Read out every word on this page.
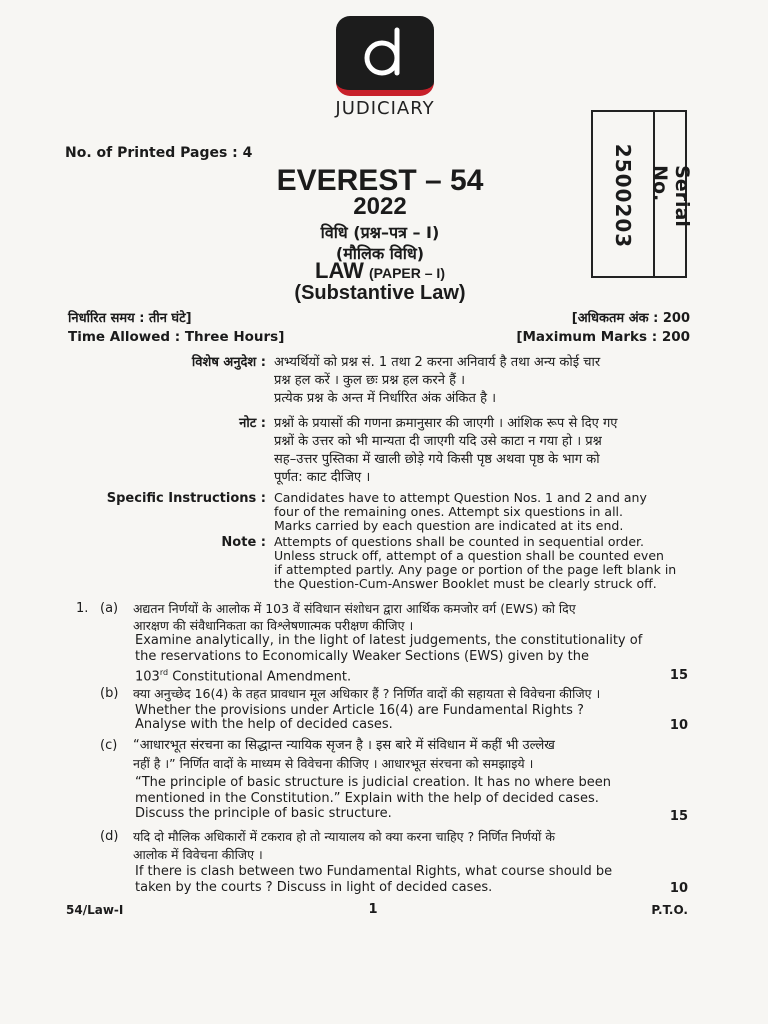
JUDICIARY
Serial No.
2500203
No. of Printed Pages : 4
EVEREST – 54
2022
विधि (प्रश्न–पत्र – I)
(मौलिक विधि)
LAW (PAPER – I)
(Substantive Law)
निर्धारित समय : तीन घंटे]
Time Allowed : Three Hours]
[अधिकतम अंक : 200
[Maximum Marks : 200
विशेष अनुदेश : अभ्यर्थियों को प्रश्न सं. 1 तथा 2 करना अनिवार्य है तथा अन्य कोई चार
प्रश्न हल करें । कुल छः प्रश्न हल करने हैं ।
प्रत्येक प्रश्न के अन्त में निर्धारित अंक अंकित है ।
नोट : प्रश्नों के प्रयासों की गणना क्रमानुसार की जाएगी । आंशिक रूप से दिए गए
प्रश्नों के उत्तर को भी मान्यता दी जाएगी यदि उसे काटा न गया हो । प्रश्न
सह–उत्तर पुस्तिका में खाली छोड़े गये किसी पृष्ठ अथवा पृष्ठ के भाग को
पूर्णत: काट दीजिए ।
Specific Instructions : Candidates have to attempt Question Nos. 1 and 2 and any
four of the remaining ones. Attempt six questions in all.
Marks carried by each question are indicated at its end.
Note : Attempts of questions shall be counted in sequential order.
Unless struck off, attempt of a question shall be counted even
if attempted partly. Any page or portion of the page left blank in
the Question-Cum-Answer Booklet must be clearly struck off.
1. (a) अद्यतन निर्णयों के आलोक में 103 वें संविधान संशोधन द्वारा आर्थिक कमजोर वर्ग (EWS) को दिए
आरक्षण की संवैधानिकता का विश्लेषणात्मक परीक्षण कीजिए ।
Examine analytically, in the light of latest judgements, the constitutionality of
the reservations to Economically Weaker Sections (EWS) given by the
103rd Constitutional Amendment.	15
(b) क्या अनुच्छेद 16(4) के तहत प्रावधान मूल अधिकार हैं ? निर्णित वादों की सहायता से विवेचना कीजिए ।
Whether the provisions under Article 16(4) are Fundamental Rights ?
Analyse with the help of decided cases.	10
(c) “आधारभूत संरचना का सिद्धान्त न्यायिक सृजन है । इस बारे में संविधान में कहीं भी उल्लेख
नहीं है ।” निर्णित वादों के माध्यम से विवेचना कीजिए । आधारभूत संरचना को समझाइये ।
“The principle of basic structure is judicial creation. It has no where been
mentioned in the Constitution.” Explain with the help of decided cases.
Discuss the principle of basic structure.	15
(d) यदि दो मौलिक अधिकारों में टकराव हो तो न्यायालय को क्या करना चाहिए ? निर्णित निर्णयों के
आलोक में विवेचना कीजिए ।
If there is clash between two Fundamental Rights, what course should be
taken by the courts ? Discuss in light of decided cases.	10
54/Law-I	1	P.T.O.
